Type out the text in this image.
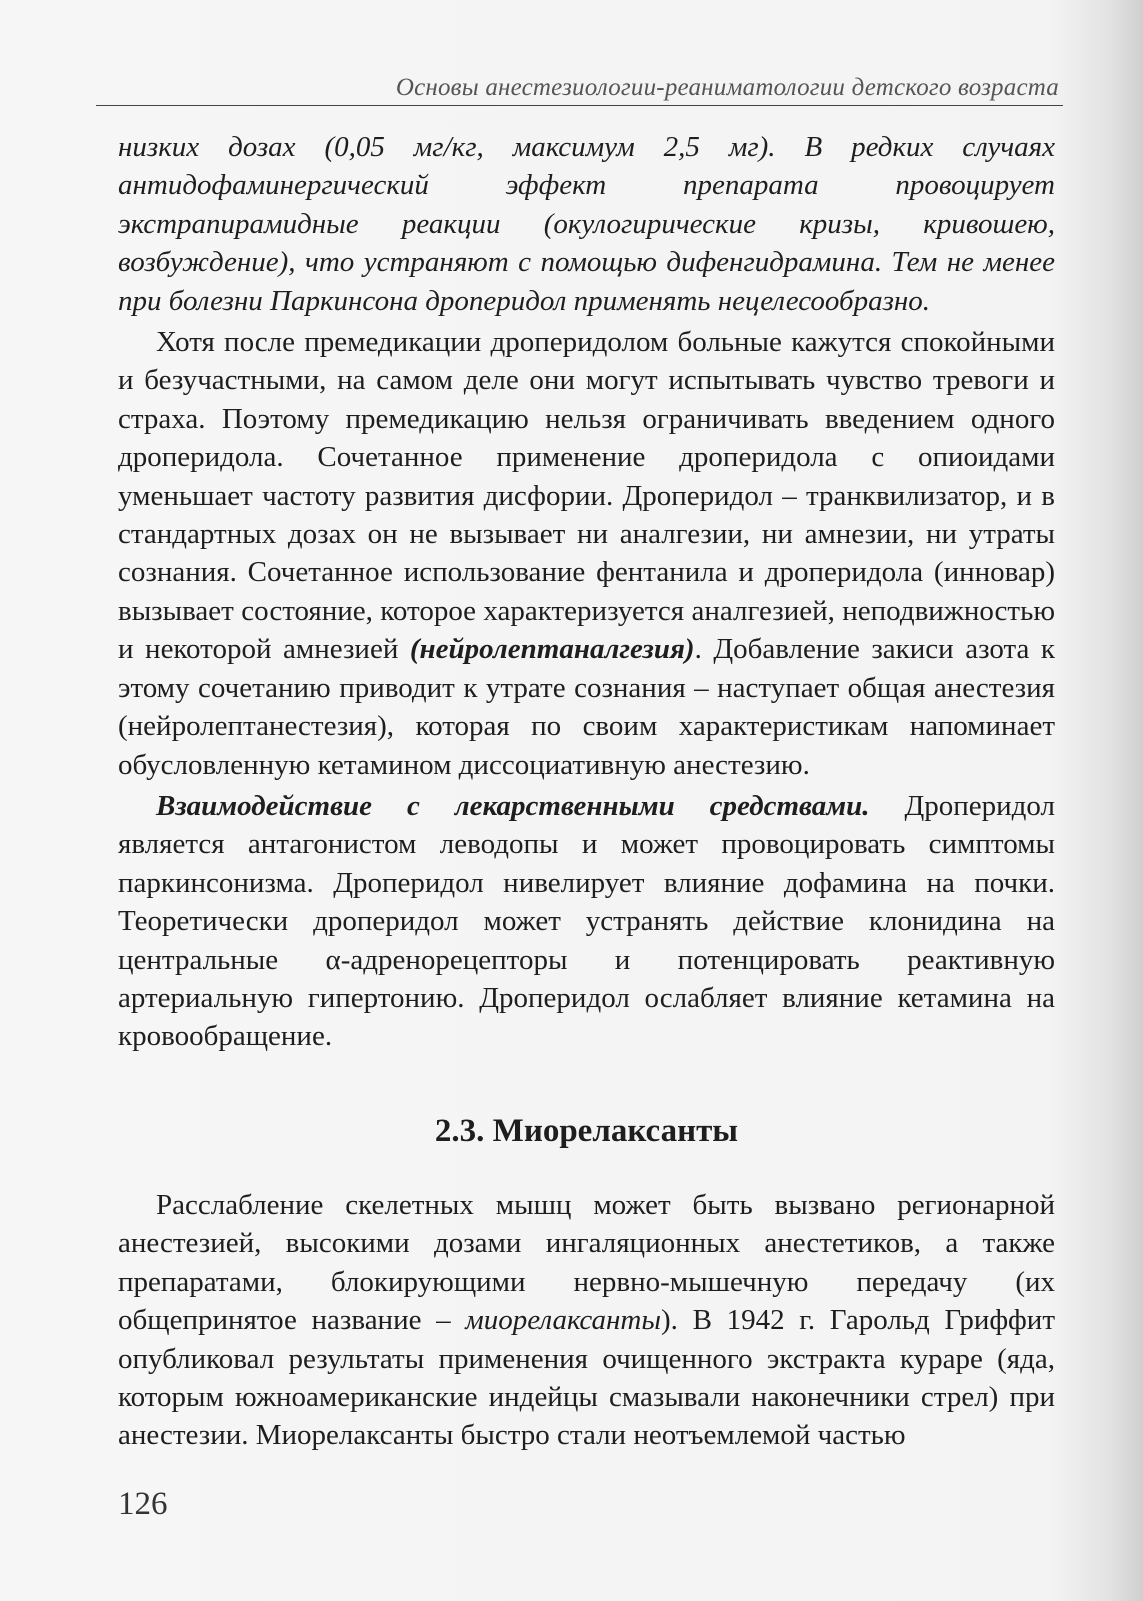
Основы анестезиологии-реаниматологии детского возраста

низких дозах (0,05 мг/кг, максимум 2,5 мг). В редких случаях антидофаминергический эффект препарата провоцирует экстрапирамидные реакции (окулогирические кризы, кривошею, возбуждение), что устраняют с помощью дифенгидрамина. Тем не менее при болезни Паркинсона дроперидол применять нецелесообразно.

Хотя после премедикации дроперидолом больные кажутся спокойными и безучастными, на самом деле они могут испытывать чувство тревоги и страха. Поэтому премедикацию нельзя ограничивать введением одного дроперидола. Сочетанное применение дроперидола с опиоидами уменьшает частоту развития дисфории. Дроперидол – транквилизатор, и в стандартных дозах он не вызывает ни аналгезии, ни амнезии, ни утраты сознания. Сочетанное использование фентанила и дроперидола (инновар) вызывает состояние, которое характеризуется аналгезией, неподвижностью и некоторой амнезией (нейролептаналгезия). Добавление закиси азота к этому сочетанию приводит к утрате сознания – наступает общая анестезия (нейролептанестезия), которая по своим характеристикам напоминает обусловленную кетамином диссоциативную анестезию.

Взаимодействие с лекарственными средствами. Дроперидол является антагонистом леводопы и может провоцировать симптомы паркинсонизма. Дроперидол нивелирует влияние дофамина на почки. Теоретически дроперидол может устранять действие клонидина на центральные α-адренорецепторы и потенцировать реактивную артериальную гипертонию. Дроперидол ослабляет влияние кетамина на кровообращение.

2.3. Миорелаксанты

Расслабление скелетных мышц может быть вызвано регионарной анестезией, высокими дозами ингаляционных анестетиков, а также препаратами, блокирующими нервно-мышечную передачу (их общепринятое название – миорелаксанты). В 1942 г. Гарольд Гриффит опубликовал результаты применения очищенного экстракта кураре (яда, которым южноамериканские индейцы смазывали наконечники стрел) при анестезии. Миорелаксанты быстро стали неотъемлемой частью

126
